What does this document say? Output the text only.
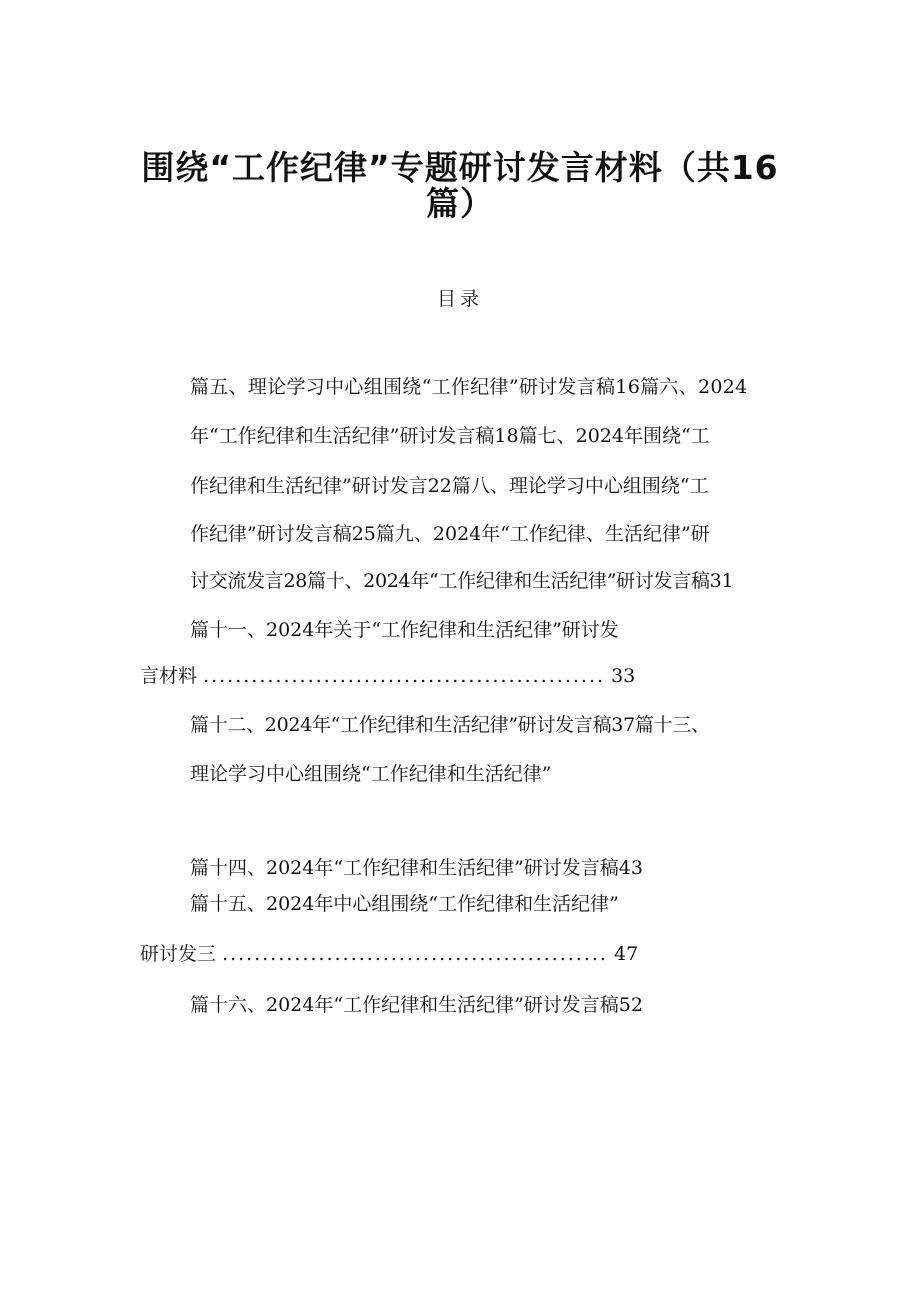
围绕“工作纪律”专题研讨发言材料（共16
篇）
目录
篇五、理论学习中心组围绕“工作纪律”研讨发言稿16篇六、2024
年“工作纪律和生活纪律”研讨发言稿18篇七、2024年围绕“工
作纪律和生活纪律”研讨发言22篇八、理论学习中心组围绕“工
作纪律”研讨发言稿25篇九、2024年“工作纪律、生活纪律”研
讨交流发言28篇十、2024年“工作纪律和生活纪律”研讨发言稿31
篇十一、2024年关于“工作纪律和生活纪律”研讨发
言材料 .................................................. 33
篇十二、2024年“工作纪律和生活纪律”研讨发言稿37篇十三、
理论学习中心组围绕“工作纪律和生活纪律”
篇十四、2024年“工作纪律和生活纪律”研讨发言稿43
篇十五、2024年中心组围绕“工作纪律和生活纪律”
研讨发三 ................................................ 47
篇十六、2024年“工作纪律和生活纪律”研讨发言稿52
